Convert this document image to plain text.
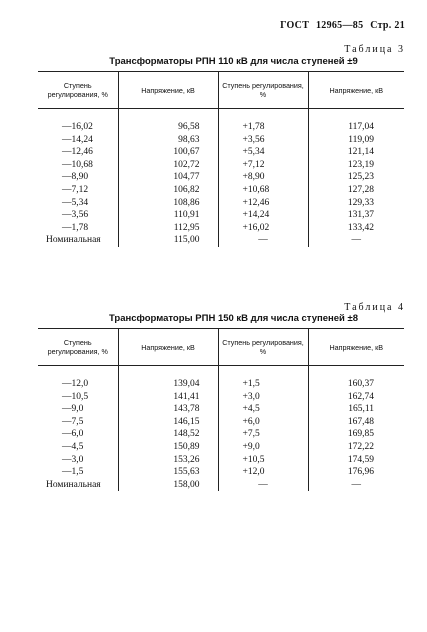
ГОСТ 12965—85 Стр. 21
Таблица 3
Трансформаторы РПН 110 кВ для числа ступеней ±9
Ступень регулирования, %	Напряжение, кВ	Ступень регулирования, %	Напряжение, кВ
—16,02	96,58	+1,78	117,04
—14,24	98,63	+3,56	119,09
—12,46	100,67	+5,34	121,14
—10,68	102,72	+7,12	123,19
—8,90	104,77	+8,90	125,23
—7,12	106,82	+10,68	127,28
—5,34	108,86	+12,46	129,33
—3,56	110,91	+14,24	131,37
—1,78	112,95	+16,02	133,42
Номинальная	115,00	—	—
Таблица 4
Трансформаторы РПН 150 кВ для числа ступеней ±8
Ступень регулирования, %	Напряжение, кВ	Ступень регулирования, %	Напряжение, кВ
—12,0	139,04	+1,5	160,37
—10,5	141,41	+3,0	162,74
—9,0	143,78	+4,5	165,11
—7,5	146,15	+6,0	167,48
—6,0	148,52	+7,5	169,85
—4,5	150,89	+9,0	172,22
—3,0	153,26	+10,5	174,59
—1,5	155,63	+12,0	176,96
Номинальная	158,00	—	—
